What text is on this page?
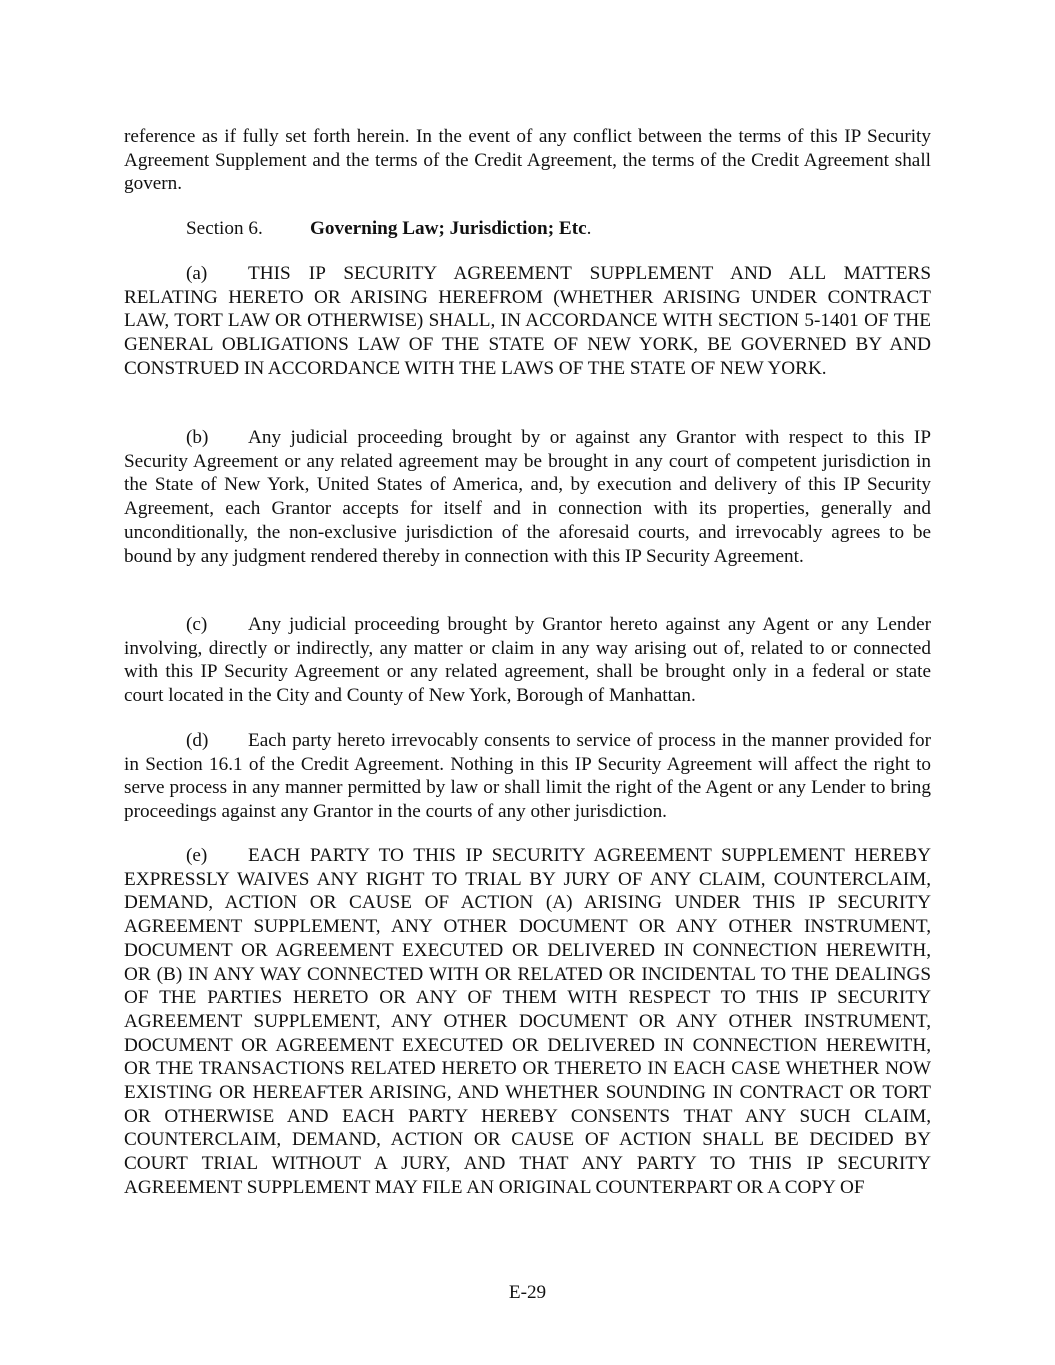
reference as if fully set forth herein. In the event of any conflict between the terms of this IP Security Agreement Supplement and the terms of the Credit Agreement, the terms of the Credit Agreement shall govern.

Section 6. Governing Law; Jurisdiction; Etc.

(a) THIS IP SECURITY AGREEMENT SUPPLEMENT AND ALL MATTERS RELATING HERETO OR ARISING HEREFROM (WHETHER ARISING UNDER CONTRACT LAW, TORT LAW OR OTHERWISE) SHALL, IN ACCORDANCE WITH SECTION 5-1401 OF THE GENERAL OBLIGATIONS LAW OF THE STATE OF NEW YORK, BE GOVERNED BY AND CONSTRUED IN ACCORDANCE WITH THE LAWS OF THE STATE OF NEW YORK.

(b) Any judicial proceeding brought by or against any Grantor with respect to this IP Security Agreement or any related agreement may be brought in any court of competent jurisdiction in the State of New York, United States of America, and, by execution and delivery of this IP Security Agreement, each Grantor accepts for itself and in connection with its properties, generally and unconditionally, the non-exclusive jurisdiction of the aforesaid courts, and irrevocably agrees to be bound by any judgment rendered thereby in connection with this IP Security Agreement.

(c) Any judicial proceeding brought by Grantor hereto against any Agent or any Lender involving, directly or indirectly, any matter or claim in any way arising out of, related to or connected with this IP Security Agreement or any related agreement, shall be brought only in a federal or state court located in the City and County of New York, Borough of Manhattan.

(d) Each party hereto irrevocably consents to service of process in the manner provided for in Section 16.1 of the Credit Agreement. Nothing in this IP Security Agreement will affect the right to serve process in any manner permitted by law or shall limit the right of the Agent or any Lender to bring proceedings against any Grantor in the courts of any other jurisdiction.

(e) EACH PARTY TO THIS IP SECURITY AGREEMENT SUPPLEMENT HEREBY EXPRESSLY WAIVES ANY RIGHT TO TRIAL BY JURY OF ANY CLAIM, COUNTERCLAIM, DEMAND, ACTION OR CAUSE OF ACTION (A) ARISING UNDER THIS IP SECURITY AGREEMENT SUPPLEMENT, ANY OTHER DOCUMENT OR ANY OTHER INSTRUMENT, DOCUMENT OR AGREEMENT EXECUTED OR DELIVERED IN CONNECTION HEREWITH, OR (B) IN ANY WAY CONNECTED WITH OR RELATED OR INCIDENTAL TO THE DEALINGS OF THE PARTIES HERETO OR ANY OF THEM WITH RESPECT TO THIS IP SECURITY AGREEMENT SUPPLEMENT, ANY OTHER DOCUMENT OR ANY OTHER INSTRUMENT, DOCUMENT OR AGREEMENT EXECUTED OR DELIVERED IN CONNECTION HEREWITH, OR THE TRANSACTIONS RELATED HERETO OR THERETO IN EACH CASE WHETHER NOW EXISTING OR HEREAFTER ARISING, AND WHETHER SOUNDING IN CONTRACT OR TORT OR OTHERWISE AND EACH PARTY HEREBY CONSENTS THAT ANY SUCH CLAIM, COUNTERCLAIM, DEMAND, ACTION OR CAUSE OF ACTION SHALL BE DECIDED BY COURT TRIAL WITHOUT A JURY, AND THAT ANY PARTY TO THIS IP SECURITY AGREEMENT SUPPLEMENT MAY FILE AN ORIGINAL COUNTERPART OR A COPY OF

E-29
